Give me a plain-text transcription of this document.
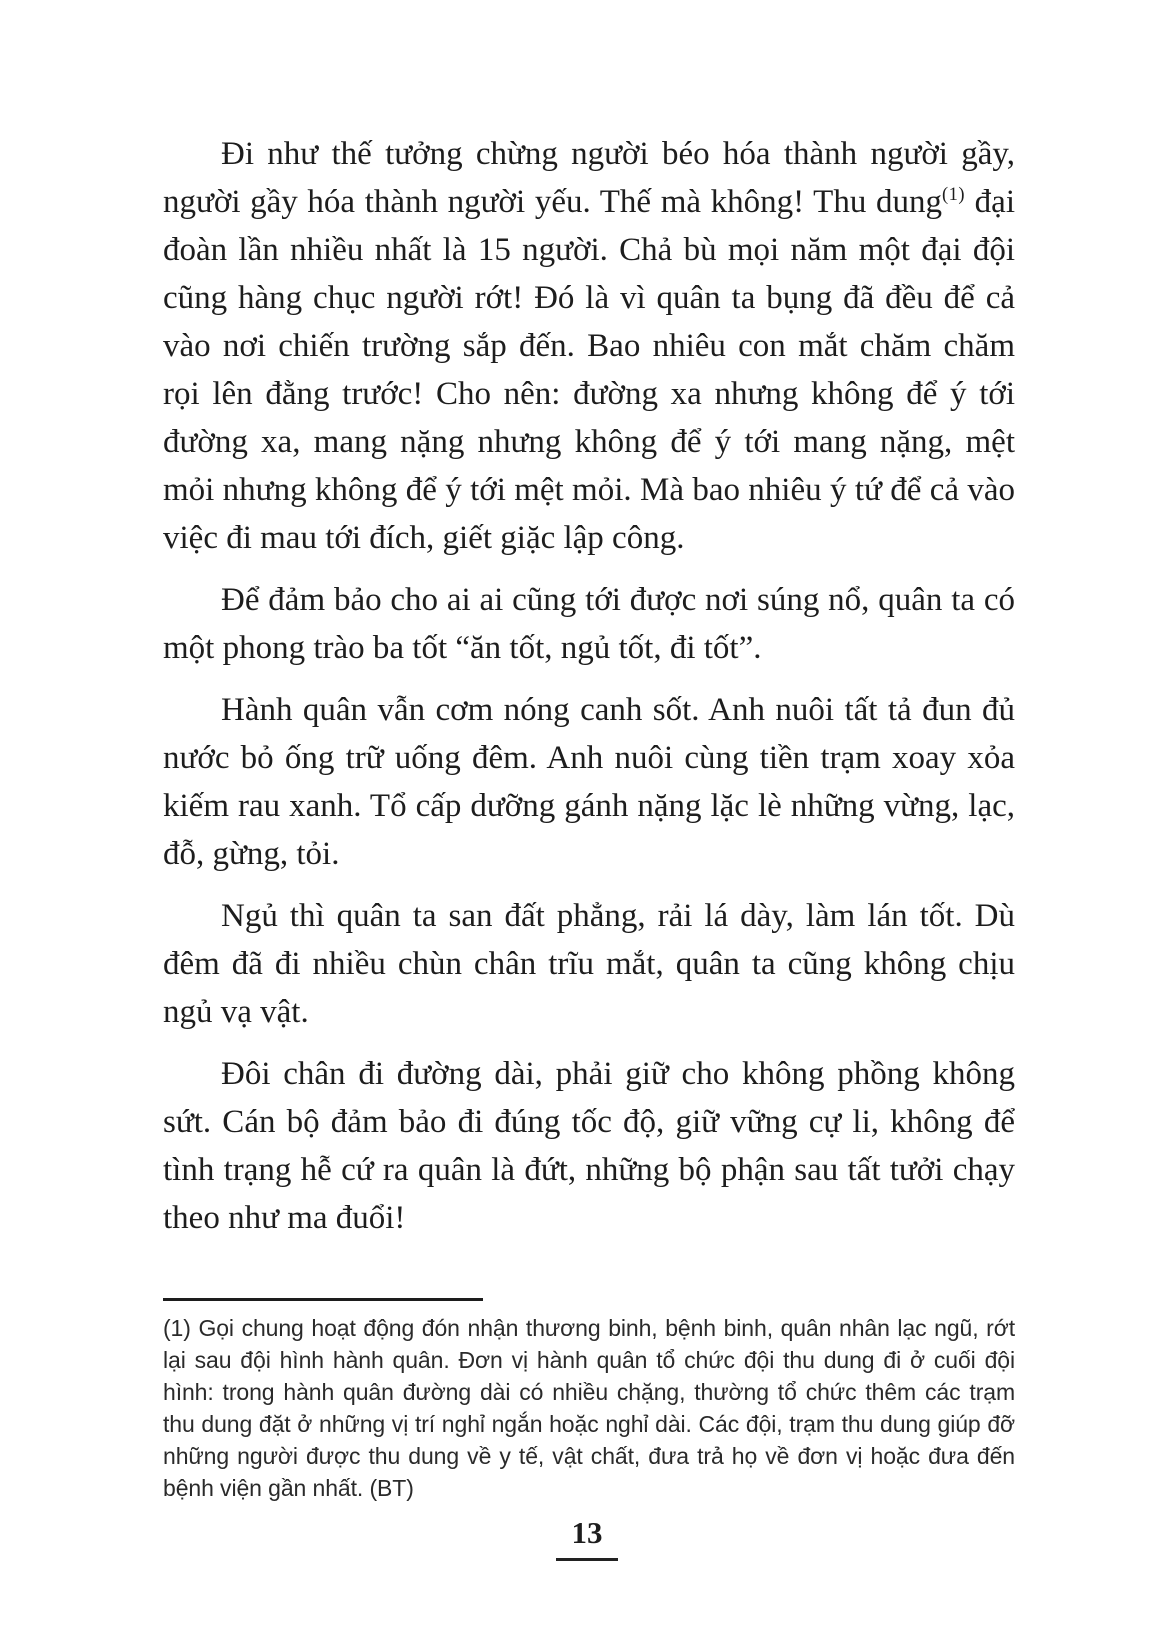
Đi như thế tưởng chừng người béo hóa thành người gầy, người gầy hóa thành người yếu. Thế mà không! Thu dung$^{(1)}$ đại đoàn lần nhiều nhất là 15 người. Chả bù mọi năm một đại đội cũng hàng chục người rớt! Đó là vì quân ta bụng đã đều để cả vào nơi chiến trường sắp đến. Bao nhiêu con mắt chăm chăm rọi lên đằng trước! Cho nên: đường xa nhưng không để ý tới đường xa, mang nặng nhưng không để ý tới mang nặng, mệt mỏi nhưng không để ý tới mệt mỏi. Mà bao nhiêu ý tứ để cả vào việc đi mau tới đích, giết giặc lập công.

Để đảm bảo cho ai ai cũng tới được nơi súng nổ, quân ta có một phong trào ba tốt “ăn tốt, ngủ tốt, đi tốt”.

Hành quân vẫn cơm nóng canh sốt. Anh nuôi tất tả đun đủ nước bỏ ống trữ uống đêm. Anh nuôi cùng tiền trạm xoay xỏa kiếm rau xanh. Tổ cấp dưỡng gánh nặng lặc lè những vừng, lạc, đỗ, gừng, tỏi.

Ngủ thì quân ta san đất phẳng, rải lá dày, làm lán tốt. Dù đêm đã đi nhiều chùn chân trĩu mắt, quân ta cũng không chịu ngủ vạ vật.

Đôi chân đi đường dài, phải giữ cho không phồng không sứt. Cán bộ đảm bảo đi đúng tốc độ, giữ vững cự li, không để tình trạng hễ cứ ra quân là đứt, những bộ phận sau tất tưởi chạy theo như ma đuổi!

(1) Gọi chung hoạt động đón nhận thương binh, bệnh binh, quân nhân lạc ngũ, rớt lại sau đội hình hành quân. Đơn vị hành quân tổ chức đội thu dung đi ở cuối đội hình: trong hành quân đường dài có nhiều chặng, thường tổ chức thêm các trạm thu dung đặt ở những vị trí nghỉ ngắn hoặc nghỉ dài. Các đội, trạm thu dung giúp đỡ những người được thu dung về y tế, vật chất, đưa trả họ về đơn vị hoặc đưa đến bệnh viện gần nhất. (BT)

13
